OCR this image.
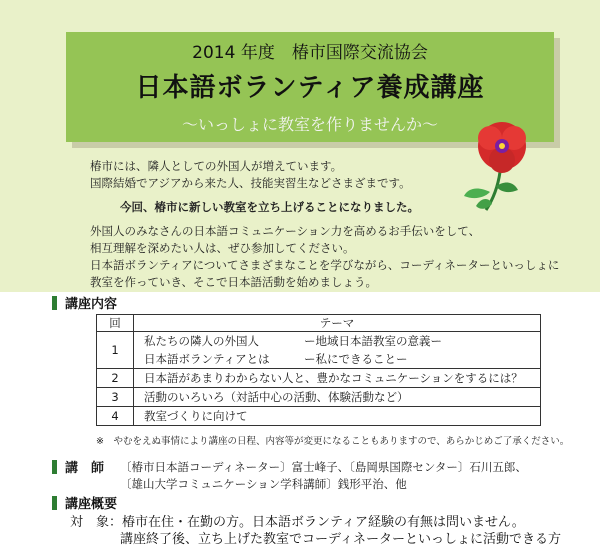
2014 年度　椿市国際交流協会
日本語ボランティア養成講座
〜いっしょに教室を作りませんか〜
椿市には、隣人としての外国人が増えています。
国際結婚でアジアから来た人、技能実習生などさまざまです。
今回、椿市に新しい教室を立ち上げることになりました。
外国人のみなさんの日本語コミュニケーション力を高めるお手伝いをして、
相互理解を深めたい人は、ぜひ参加してください。
日本語ボランティアについてさまざまなことを学びながら、コーディネーターといっしょに
教室を作っていき、そこで日本語活動を始めましょう。
講座内容
回	テーマ
1	私たちの隣人の外国人 ー地域日本語教室の意義ー
日本語ボランティアとは ー私にできることー

2	日本語があまりわからない人と、豊かなコミュニケーションをするには？
3	活動のいろいろ（対話中心の活動、体験活動など）
4	教室づくりに向けて
※　やむをえぬ事情により講座の日程、内容等が変更になることもありますので、あらかじめご了承ください。
講　師 〔椿市日本語コーディネーター〕富士峰子、〔島岡県国際センター〕石川五郎、
〔雄山大学コミュニケーション学科講師〕銭形平治、他
講座概要
対　象：椿市在住・在勤の方。日本語ボランティア経験の有無は問いません。
講座終了後、立ち上げた教室でコーディネーターといっしょに活動できる方
